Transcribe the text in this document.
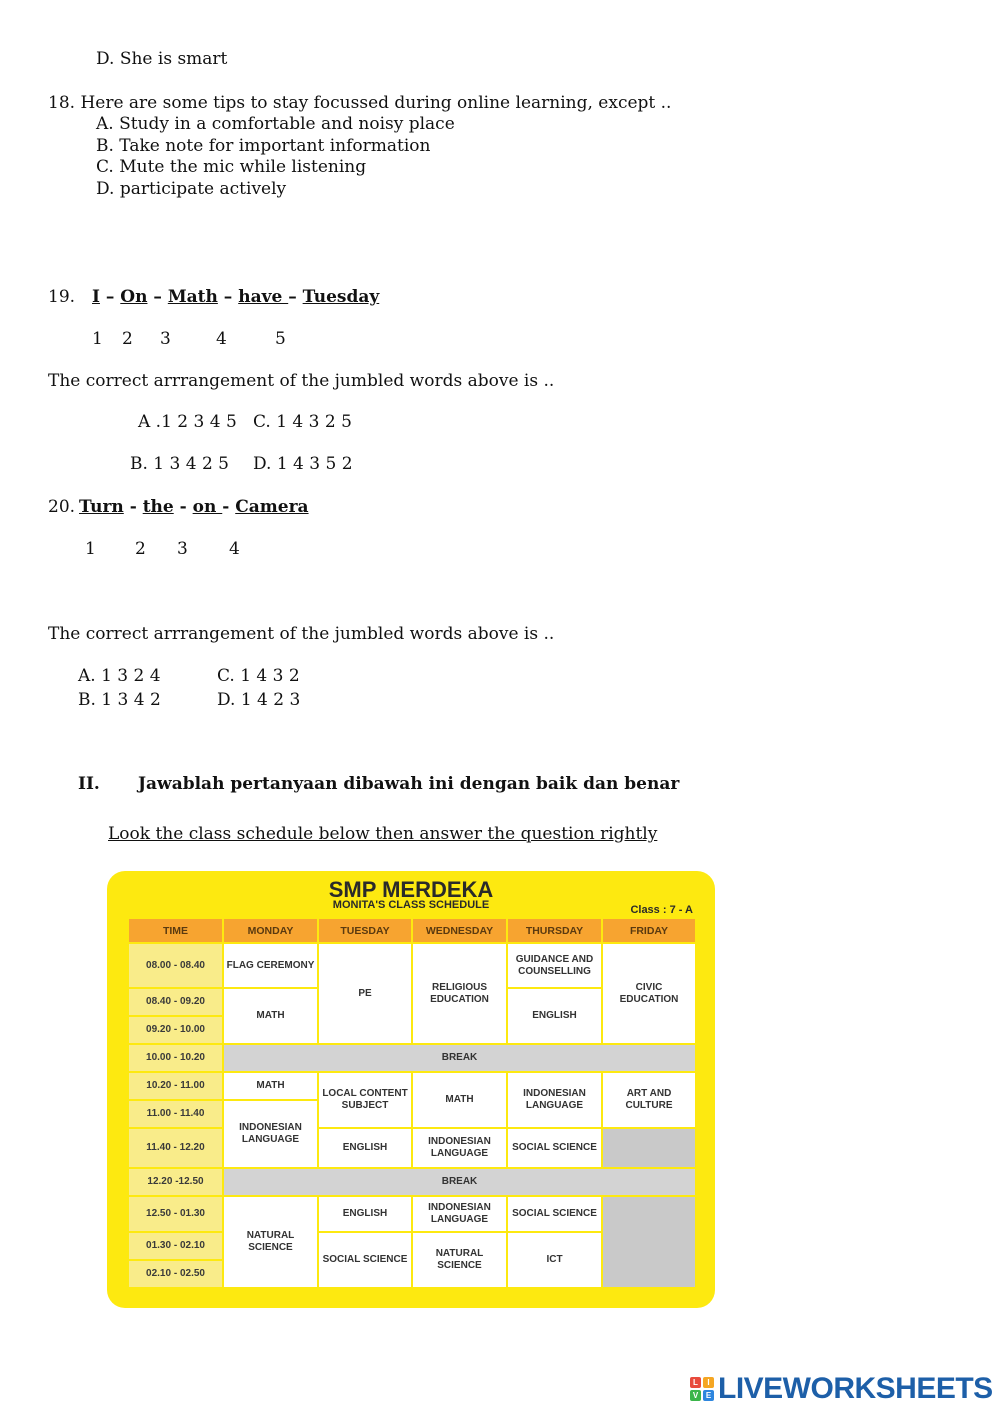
D. She is smart
18. Here are some tips to stay focussed during online learning, except ..
A. Study in a comfortable and noisy place
B. Take note for important information
C. Mute the mic while listening
D. participate actively
19. I – On – Math – have – Tuesday
1 2 3	4	5
The correct arrrangement of the jumbled words above is ..
A .1 2 3 4 5 C. 1 4 3 2 5
B. 1 3 4 2 5 D. 1 4 3 5 2
20. Turn - the - on - Camera
1 2 3 4
The correct arrrangement of the jumbled words above is ..
A. 1 3 2 4	C. 1 4 3 2
B. 1 3 4 2	D. 1 4 2 3
II. Jawablah pertanyaan dibawah ini dengan baik dan benar
Look the class schedule below then answer the question rightly
SMP MERDEKA
MONITA'S CLASS SCHEDULE	Class : 7 - A
TIME	MONDAY	TUESDAY	WEDNESDAY	THURSDAY	FRIDAY
08.00 - 08.40	FLAG CEREMONY	PE	RELIGIOUS EDUCATION	GUIDANCE AND COUNSELLING	CIVIC EDUCATION
08.40 - 09.20	MATH			ENGLISH	
09.20 - 10.00					
10.00 - 10.20	BREAK				
10.20 - 11.00	MATH	LOCAL CONTENT SUBJECT	MATH	INDONESIAN LANGUAGE	ART AND CULTURE
11.00 - 11.40	INDONESIAN LANGUAGE				
11.40 - 12.20		ENGLISH	INDONESIAN LANGUAGE	SOCIAL SCIENCE	
12.20 -12.50	BREAK				
12.50 - 01.30	NATURAL SCIENCE	ENGLISH	INDONESIAN LANGUAGE	SOCIAL SCIENCE	
01.30 - 02.10		SOCIAL SCIENCE	NATURAL SCIENCE	ICT	
02.10 - 02.50					
L	I
V E LIVEWORKSHEETS
